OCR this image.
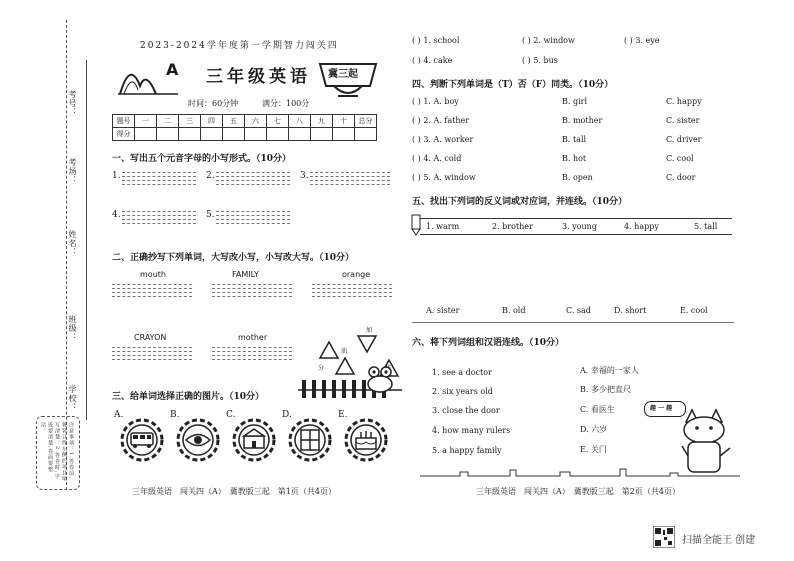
考号：
考场：
姓名：
班级：
学校：
注意事项：1.答卷前,将装订线左侧的项目填写清楚。2.答卷时,字迹要清楚,卷面要整洁。
2023-2024学年度第一学期智力闯关四
A 三年级英语 冀三起
时间：60分钟	满分：100分
题号	一	二	三	四	五	六	七	八	九	十	总分
得分											
一、写出五个元音字母的小写形式。（10分）
1.	2.	3.
4.	5.
二、正确抄写下列单词，大写改小写，小写改大写。（10分）
mouth	FAMILY	orange
CRAYON	mother
加
油
分
三、给单词选择正确的图片。（10分）
A.	B.	C.	D.	E.
三年级英语　闯关四（A）　冀教版三起　第1页（共4页）
( ) 1. school	( ) 2. window	( ) 3. eye
( ) 4. cake	( ) 5. bus
四、判断下列单词是（T）否（F）同类。（10分）
( ) 1. A. boy	B. girl	C. happy
( ) 2. A. father	B. mother	C. sister
( ) 3. A. worker	B. tall	C. driver
( ) 4. A. cold	B. hot	C. cool
( ) 5. A. window	B. open	C. door
五、找出下列词的反义词或对应词，并连线。（10分）
1. warm	2. brother	3. young	4. happy	5. tall
A. sister	B. old	C. sad	D. short	E. cool
六、将下列词组和汉语连线。（10分）
1. see a doctor
2. six years old
3. close the door
4. how many rulers
5. a happy family
A. 幸福的一家人
B. 多少把直尺
C. 看医生
D. 六岁
E. 关门
趣 一 趣
三年级英语　闯关四（A）　冀教版三起　第2页（共4页）
扫描全能王 创建
